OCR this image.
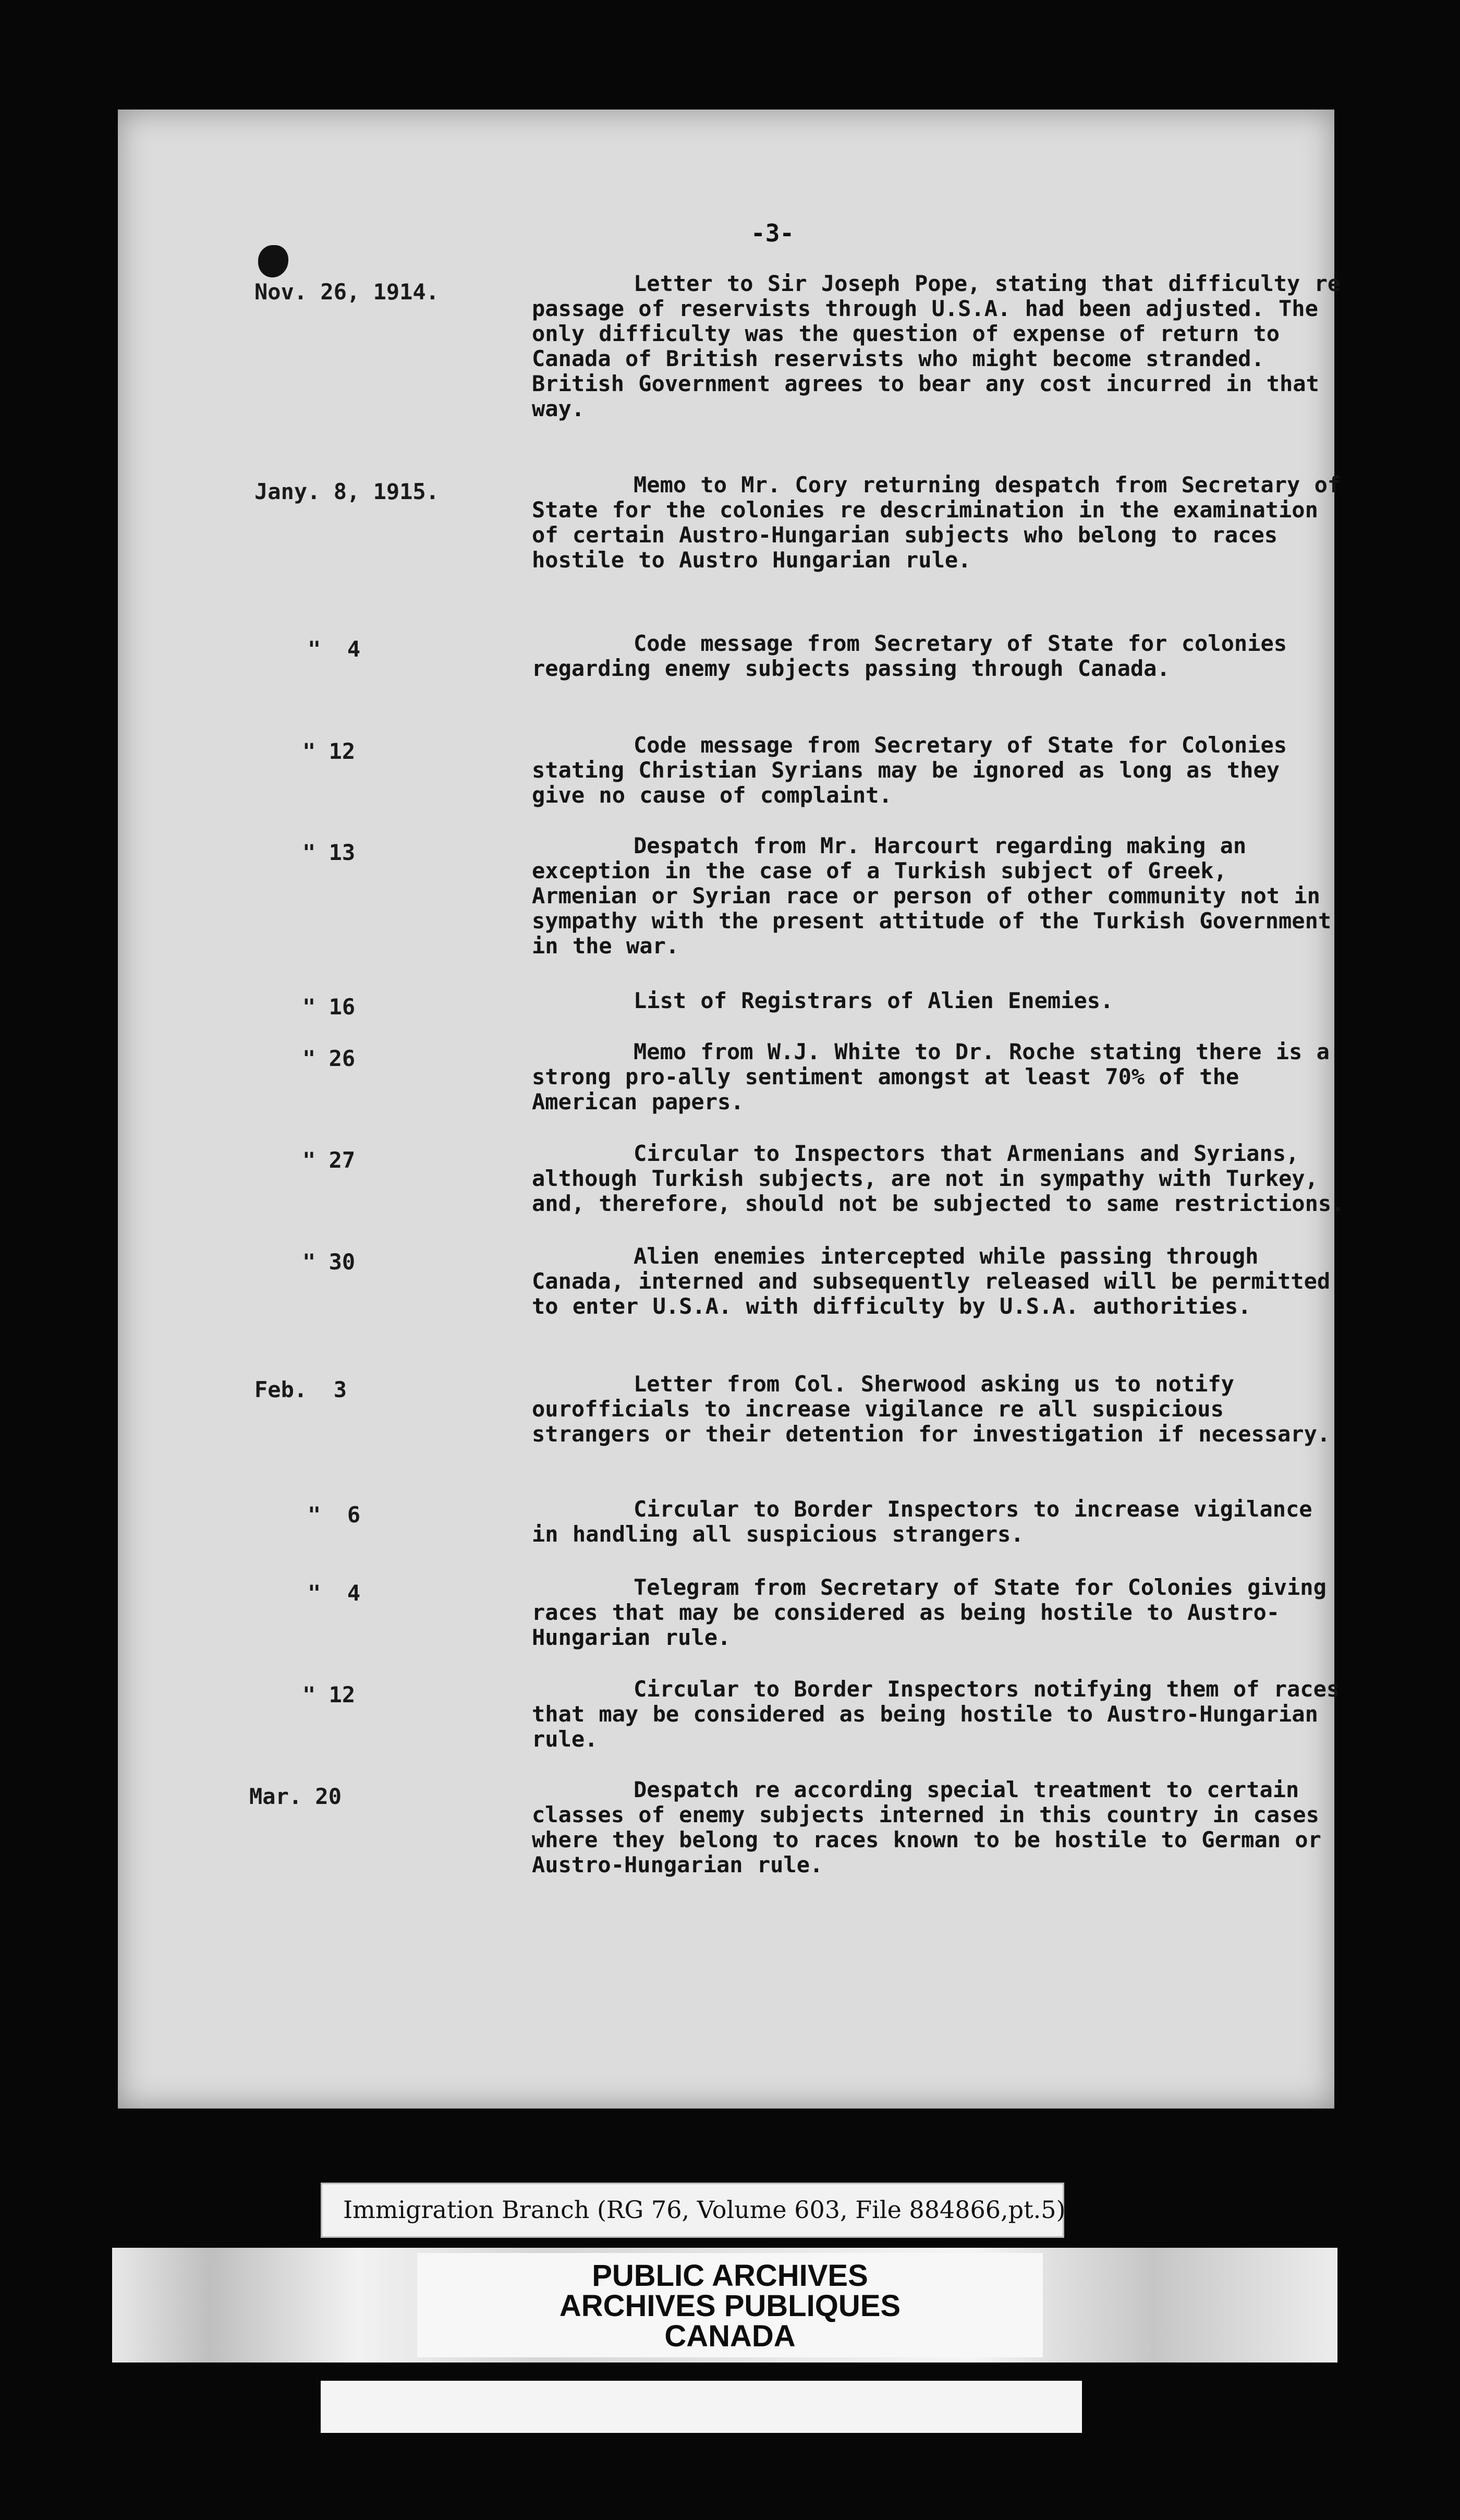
-3-
Nov. 26, 1914.	Letter to Sir Joseph Pope, stating that difficulty re passage of reservists through U.S.A. had been adjusted. The only difficulty was the question of expense of return to Canada of British reservists who might become stranded. British Government agrees to bear any cost incurred in that way.
Jany. 8, 1915.	Memo to Mr. Cory returning despatch from Secretary of State for the colonies re descrimination in the examination of certain Austro-Hungarian subjects who belong to races hostile to Austro Hungarian rule.
"  4	Code message from Secretary of State for colonies regarding enemy subjects passing through Canada.
" 12	Code message from Secretary of State for Colonies stating Christian Syrians may be ignored as long as they give no cause of complaint.
" 13	Despatch from Mr. Harcourt regarding making an exception in the case of a Turkish subject of Greek, Armenian or Syrian race or person of other community not in sympathy with the present attitude of the Turkish Government in the war.
" 16	List of Registrars of Alien Enemies.
" 26	Memo from W.J. White to Dr. Roche stating there is a strong pro-ally sentiment amongst at least 70% of the American papers.
" 27	Circular to Inspectors that Armenians and Syrians, although Turkish subjects, are not in sympathy with Turkey, and, therefore, should not be subjected to same restrictions.
" 30	Alien enemies intercepted while passing through Canada, interned and subsequently released will be permitted to enter U.S.A. with difficulty by U.S.A. authorities.
Feb.  3	Letter from Col. Sherwood asking us to notify ourofficials to increase vigilance re all suspicious strangers or their detention for investigation if necessary.
"  6	Circular to Border Inspectors to increase vigilance in handling all suspicious strangers.
"  4	Telegram from Secretary of State for Colonies giving races that may be considered as being hostile to Austro-Hungarian rule.
" 12	Circular to Border Inspectors notifying them of races that may be considered as being hostile to Austro-Hungarian rule.
Mar. 20	Despatch re according special treatment to certain classes of enemy subjects interned in this country in cases where they belong to races known to be hostile to German or Austro-Hungarian rule.
Immigration Branch (RG 76, Volume 603, File 884866,pt.5)
PUBLIC ARCHIVES
ARCHIVES PUBLIQUES
CANADA
